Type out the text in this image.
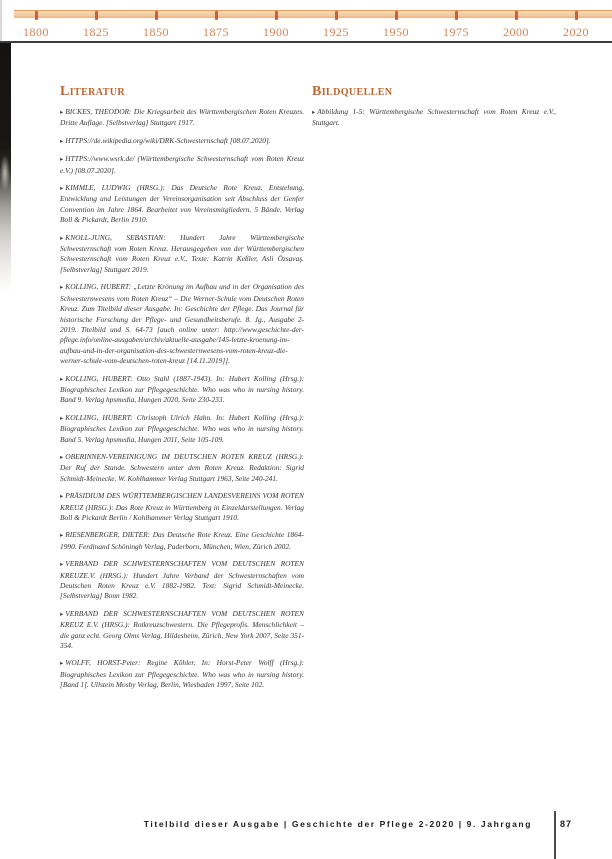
1800	1825	1850	1875	1900	1925	1950	1975	2000	2020
Literatur

▸ BICKES, THEODOR: Die Kriegsarbeit des Württembergischen Roten Kreuzes. Dritte Auflage. [Selbstverlag] Stuttgart 1917.

▸ HTTPS://de.wikipedia.org/wiki/DRK-Schwesternschaft [08.07.2020].

▸ HTTPS://www.wsrk.de/ (Württembergische Schwesternschaft vom Roten Kreuz e.V.) [08.07.2020].

▸ KIMMLE, LUDWIG (HRSG.): Das Deutsche Rote Kreuz. Entstehung, Entwicklung und Leistungen der Vereinsorganisation seit Abschluss der Genfer Convention im Jahre 1864. Bearbeitet von Vereinsmitgliedern. 5 Bände. Verlag Boll & Pickardt, Berlin 1910.

▸ KNOLL-JUNG, SEBASTIAN: Hundert Jahre Württembergische Schwesternschaft vom Roten Kreuz. Herausgegeben von der Württembergischen Schwesternschaft vom Roten Kreuz e.V., Texte: Katrin Keßler, Asli Özsavaş. [Selbstverlag] Stuttgart 2019.

▸ KOLLING, HUBERT: „Letzte Krönung im Aufbau und in der Organisation des Schwesternwesens vom Roten Kreuz“ – Die Werner-Schule vom Deutschen Roten Kreuz. Zum Titelbild dieser Ausgabe. In: Geschichte der Pflege. Das Journal für historische Forschung der Pflege- und Gesundheitsberufe. 8. Jg., Ausgabe 2-2019. Titelbild und S. 64-73 [auch online unter: http://www.geschichte-der-pflege.info/online-ausgaben/archiv/aktuelle-ausgabe/145-letzte-kroenung-im-aufbau-und-in-der-organisation-des-schwesternwesens-vom-roten-kreuz-die-werner-schule-vom-deutschen-roten-kreuz [14.11.2019]].

▸ KOLLING, HUBERT: Otto Stahl (1887-1943). In: Hubert Kolling (Hrsg.): Biographisches Lexikon zur Pflegegeschichte. Who was who in nursing history. Band 9. Verlag hpsmedia, Hungen 2020, Seite 230-233.

▸ KOLLING, HUBERT: Christoph Ulrich Hahn. In: Hubert Kolling (Hrsg.): Biographisches Lexikon zur Pflegegeschichte. Who was who in nursing history. Band 5. Verlag hpsmedia, Hungen 2011, Seite 105-109.

▸ OBERINNEN-VEREINIGUNG IM DEUTSCHEN ROTEN KREUZ (HRSG.): Der Ruf der Stunde. Schwestern unter dem Roten Kreuz. Redaktion: Sigrid Schmidt-Meinecke. W. Kohlhammer Verlag Stuttgart 1963, Seite 240-241.

▸ PRÄSIDIUM DES WÜRTTEMBERGISCHEN LANDESVEREINS VOM ROTEN KREUZ (HRSG.): Das Rote Kreuz in Württemberg in Einzeldarstellungen. Verlag Boll & Pickardt Berlin / Kohlhammer Verlag Stuttgart 1910.

▸ RIESENBERGER, DIETER: Das Deutsche Rote Kreuz. Eine Geschichte 1864-1990. Ferdinand Schöningh Verlag, Paderborn, München, Wien, Zürich 2002.

▸ VERBAND DER SCHWESTERNSCHAFTEN VOM DEUTSCHEN ROTEN KREUZE.V. (HRSG.): Hundert Jahre Verband der Schwesternschaften vom Deutschen Roten Kreuz e.V. 1882-1982. Text: Sigrid Schmidt-Meinecke. [Selbstverlag] Bonn 1982.

▸ VERBAND DER SCHWESTERNSCHAFTEN VOM DEUTSCHEN ROTEN KREUZ E.V. (HRSG.): Rotkreuzschwestern. Die Pflegeprofis. Menschlichkeit – die ganz echt. Georg Olms Verlag, Hildesheim, Zürich, New York 2007, Seite 351-354.

▸ WOLFF, HORST-Peter: Regine Köhler. In: Horst-Peter Wolff (Hrsg.): Biographisches Lexikon zur Pflegegeschichte. Who was who in nursing history. [Band 1]. Ullstein Mosby Verlag, Berlin, Wiesbaden 1997, Seite 102.

Bildquellen

▸ Abbildung 1-5: Württembergische Schwesternschaft vom Roten Kreuz e.V., Stuttgart.

Titelbild dieser Ausgabe | Geschichte der Pflege 2-2020 | 9. Jahrgang	87
